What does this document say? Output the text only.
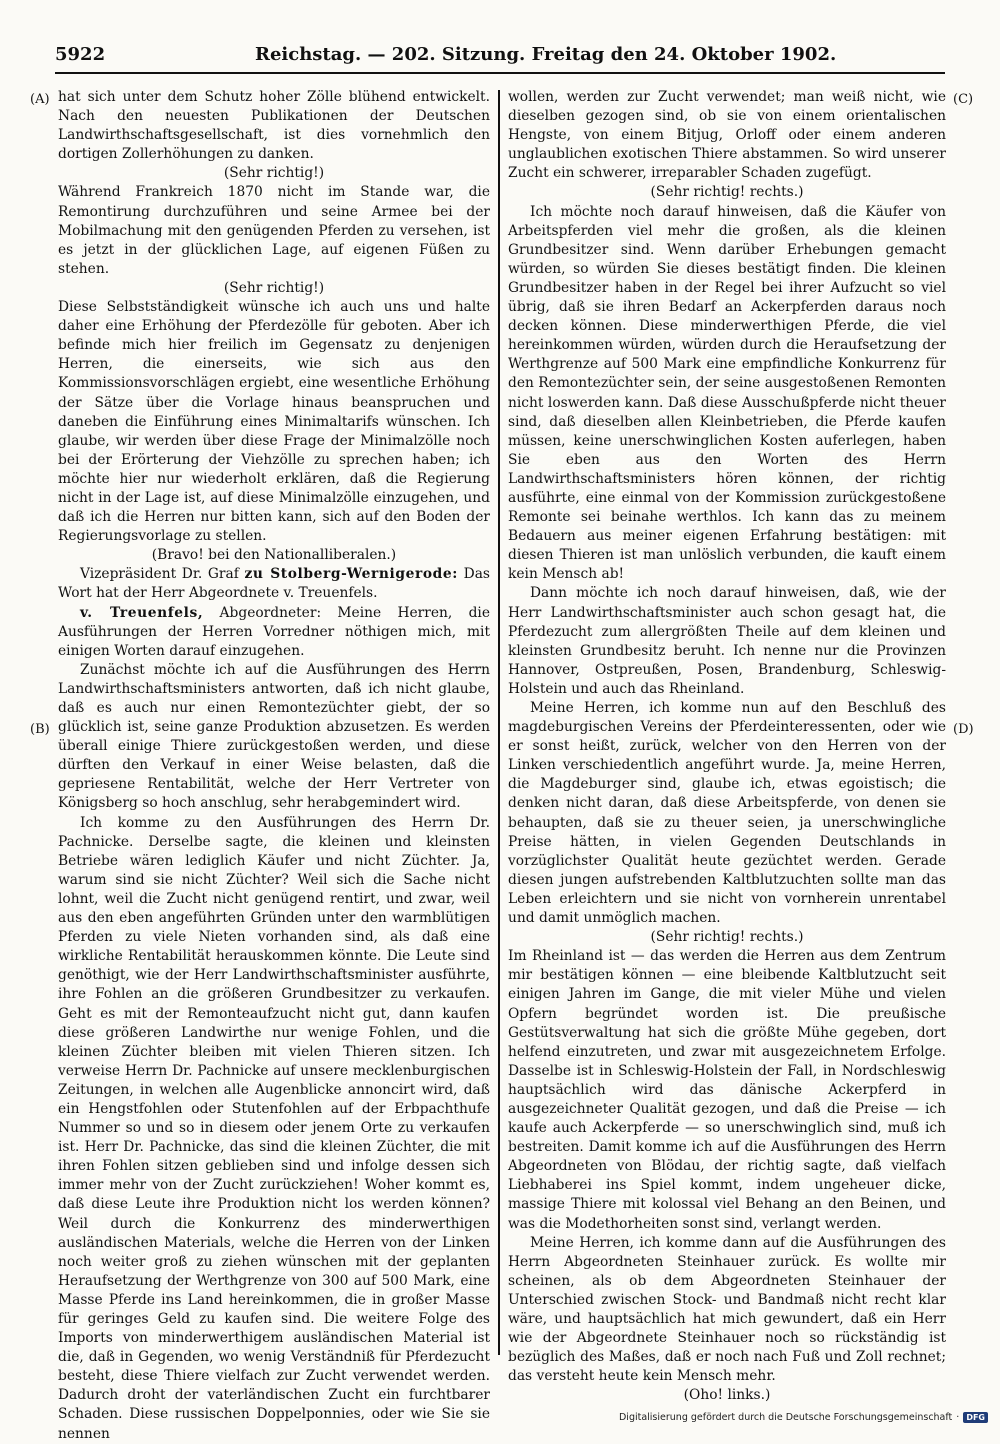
5922	Reichstag. — 202. Sitzung. Freitag den 24. Oktober 1902.
(A)
(B)
(C)
(D)

hat sich unter dem Schutz hoher Zölle blühend entwickelt. Nach den neuesten Publikationen der Deutschen Landwirthschaftsgesellschaft, ist dies vornehmlich den dortigen Zollerhöhungen zu danken.

(Sehr richtig!)

Während Frankreich 1870 nicht im Stande war, die Remontirung durchzuführen und seine Armee bei der Mobilmachung mit den genügenden Pferden zu versehen, ist es jetzt in der glücklichen Lage, auf eigenen Füßen zu stehen.

(Sehr richtig!)

Diese Selbstständigkeit wünsche ich auch uns und halte daher eine Erhöhung der Pferdezölle für geboten. Aber ich befinde mich hier freilich im Gegensatz zu denjenigen Herren, die einerseits, wie sich aus den Kommissionsvorschlägen ergiebt, eine wesentliche Erhöhung der Sätze über die Vorlage hinaus beanspruchen und daneben die Einführung eines Minimaltarifs wünschen. Ich glaube, wir werden über diese Frage der Minimalzölle noch bei der Erörterung der Viehzölle zu sprechen haben; ich möchte hier nur wiederholt erklären, daß die Regierung nicht in der Lage ist, auf diese Minimalzölle einzugehen, und daß ich die Herren nur bitten kann, sich auf den Boden der Regierungsvorlage zu stellen.

(Bravo! bei den Nationalliberalen.)

Vizepräsident Dr. Graf zu Stolberg-Wernigerode: Das Wort hat der Herr Abgeordnete v. Treuenfels.

v. Treuenfels, Abgeordneter: Meine Herren, die Ausführungen der Herren Vorredner nöthigen mich, mit einigen Worten darauf einzugehen.

Zunächst möchte ich auf die Ausführungen des Herrn Landwirthschaftsministers antworten, daß ich nicht glaube, daß es auch nur einen Remontezüchter giebt, der so glücklich ist, seine ganze Produktion abzusetzen. Es werden überall einige Thiere zurückgestoßen werden, und diese dürften den Verkauf in einer Weise belasten, daß die gepriesene Rentabilität, welche der Herr Vertreter von Königsberg so hoch anschlug, sehr herabgemindert wird.

Ich komme zu den Ausführungen des Herrn Dr. Pachnicke. Derselbe sagte, die kleinen und kleinsten Betriebe wären lediglich Käufer und nicht Züchter. Ja, warum sind sie nicht Züchter? Weil sich die Sache nicht lohnt, weil die Zucht nicht genügend rentirt, und zwar, weil aus den eben angeführten Gründen unter den warmblütigen Pferden zu viele Nieten vorhanden sind, als daß eine wirkliche Rentabilität herauskommen könnte. Die Leute sind genöthigt, wie der Herr Landwirthschaftsminister ausführte, ihre Fohlen an die größeren Grundbesitzer zu verkaufen. Geht es mit der Remonteaufzucht nicht gut, dann kaufen diese größeren Landwirthe nur wenige Fohlen, und die kleinen Züchter bleiben mit vielen Thieren sitzen. Ich verweise Herrn Dr. Pachnicke auf unsere mecklenburgischen Zeitungen, in welchen alle Augenblicke annoncirt wird, daß ein Hengstfohlen oder Stutenfohlen auf der Erbpachthufe Nummer so und so in diesem oder jenem Orte zu verkaufen ist. Herr Dr. Pachnicke, das sind die kleinen Züchter, die mit ihren Fohlen sitzen geblieben sind und infolge dessen sich immer mehr von der Zucht zurückziehen! Woher kommt es, daß diese Leute ihre Produktion nicht los werden können? Weil durch die Konkurrenz des minderwerthigen ausländischen Materials, welche die Herren von der Linken noch weiter groß zu ziehen wünschen mit der geplanten Heraufsetzung der Werthgrenze von 300 auf 500 Mark, eine Masse Pferde ins Land hereinkommen, die in großer Masse für geringes Geld zu kaufen sind. Die weitere Folge des Imports von minderwerthigem ausländischen Material ist die, daß in Gegenden, wo wenig Verständniß für Pferdezucht besteht, diese Thiere vielfach zur Zucht verwendet werden. Dadurch droht der vaterländischen Zucht ein furchtbarer Schaden. Diese russischen Doppelponnies, oder wie Sie sie nennen

wollen, werden zur Zucht verwendet; man weiß nicht, wie dieselben gezogen sind, ob sie von einem orientalischen Hengste, von einem Bitjug, Orloff oder einem anderen unglaublichen exotischen Thiere abstammen. So wird unserer Zucht ein schwerer, irreparabler Schaden zugefügt.

(Sehr richtig! rechts.)

Ich möchte noch darauf hinweisen, daß die Käufer von Arbeitspferden viel mehr die großen, als die kleinen Grundbesitzer sind. Wenn darüber Erhebungen gemacht würden, so würden Sie dieses bestätigt finden. Die kleinen Grundbesitzer haben in der Regel bei ihrer Aufzucht so viel übrig, daß sie ihren Bedarf an Ackerpferden daraus noch decken können. Diese minderwerthigen Pferde, die viel hereinkommen würden, würden durch die Heraufsetzung der Werthgrenze auf 500 Mark eine empfindliche Konkurrenz für den Remontezüchter sein, der seine ausgestoßenen Remonten nicht loswerden kann. Daß diese Ausschußpferde nicht theuer sind, daß dieselben allen Kleinbetrieben, die Pferde kaufen müssen, keine unerschwinglichen Kosten auferlegen, haben Sie eben aus den Worten des Herrn Landwirthschaftsministers hören können, der richtig ausführte, eine einmal von der Kommission zurückgestoßene Remonte sei beinahe werthlos. Ich kann das zu meinem Bedauern aus meiner eigenen Erfahrung bestätigen: mit diesen Thieren ist man unlöslich verbunden, die kauft einem kein Mensch ab!

Dann möchte ich noch darauf hinweisen, daß, wie der Herr Landwirthschaftsminister auch schon gesagt hat, die Pferdezucht zum allergrößten Theile auf dem kleinen und kleinsten Grundbesitz beruht. Ich nenne nur die Provinzen Hannover, Ostpreußen, Posen, Brandenburg, Schleswig-Holstein und auch das Rheinland.

Meine Herren, ich komme nun auf den Beschluß des magdeburgischen Vereins der Pferdeinteressenten, oder wie er sonst heißt, zurück, welcher von den Herren von der Linken verschiedentlich angeführt wurde. Ja, meine Herren, die Magdeburger sind, glaube ich, etwas egoistisch; die denken nicht daran, daß diese Arbeitspferde, von denen sie behaupten, daß sie zu theuer seien, ja unerschwingliche Preise hätten, in vielen Gegenden Deutschlands in vorzüglichster Qualität heute gezüchtet werden. Gerade diesen jungen aufstrebenden Kaltblutzuchten sollte man das Leben erleichtern und sie nicht von vornherein unrentabel und damit unmöglich machen.

(Sehr richtig! rechts.)

Im Rheinland ist — das werden die Herren aus dem Zentrum mir bestätigen können — eine bleibende Kaltblutzucht seit einigen Jahren im Gange, die mit vieler Mühe und vielen Opfern begründet worden ist. Die preußische Gestütsverwaltung hat sich die größte Mühe gegeben, dort helfend einzutreten, und zwar mit ausgezeichnetem Erfolge. Dasselbe ist in Schleswig-Holstein der Fall, in Nordschleswig hauptsächlich wird das dänische Ackerpferd in ausgezeichneter Qualität gezogen, und daß die Preise — ich kaufe auch Ackerpferde — so unerschwinglich sind, muß ich bestreiten. Damit komme ich auf die Ausführungen des Herrn Abgeordneten von Blödau, der richtig sagte, daß vielfach Liebhaberei ins Spiel kommt, indem ungeheuer dicke, massige Thiere mit kolossal viel Behang an den Beinen, und was die Modethorheiten sonst sind, verlangt werden.

Meine Herren, ich komme dann auf die Ausführungen des Herrn Abgeordneten Steinhauer zurück. Es wollte mir scheinen, als ob dem Abgeordneten Steinhauer der Unterschied zwischen Stock- und Bandmaß nicht recht klar wäre, und hauptsächlich hat mich gewundert, daß ein Herr wie der Abgeordnete Steinhauer noch so rückständig ist bezüglich des Maßes, daß er noch nach Fuß und Zoll rechnet; das versteht heute kein Mensch mehr.

(Oho! links.)

Digitalisierung gefördert durch die Deutsche Forschungsgemeinschaft · DFG
